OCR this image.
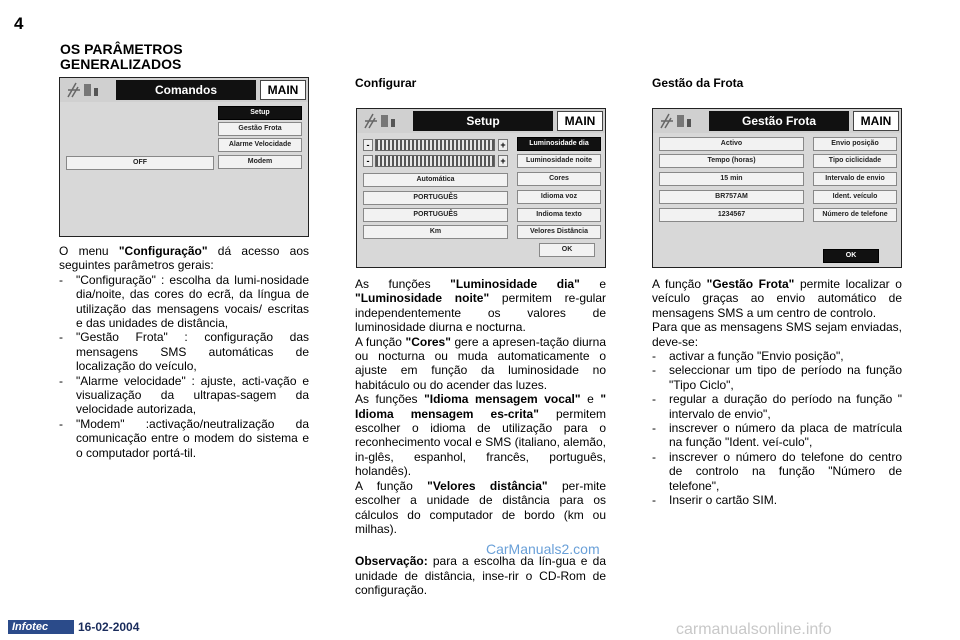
4
OS PARÂMETROS
GENERALIZADOS
Configurar	Gestão da Frota
Comandos	MAIN
Setup
Gestão Frota
Alarme Velocidade
Modem
OFF
Setup	MAIN
-	+
-	+
Automática
PORTUGUÊS
PORTUGUÊS
Km
Luminosidade dia
Luminosidade noite
Cores
Idioma voz
Indioma texto
Velores Distância
OK
Gestão Frota	MAIN
Activo
Tempo (horas)
15 min
BR757AM
1234567
Envio posição
Tipo ciclicidade
Intervalo de envio
Ident. veículo
Número de telefone
OK

O menu "Configuração" dá acesso aos seguintes parâmetros gerais:

-	"Configuração" : escolha da lumi-nosidade dia/noite, das cores do ecrã, da língua de utilização das mensagens vocais/ escritas e das unidades de distância,
-	"Gestão Frota" : configuração das mensagens SMS automáticas de localização do veículo,
-	"Alarme velocidade" : ajuste, acti-vação e visualização da ultrapas-sagem da velocidade autorizada,
-	"Modem" :activação/neutralização da comunicação entre o modem do sistema e o computador portá-til.

As funções "Luminosidade dia" e "Luminosidade noite" permitem re-gular independentemente os valores de luminosidade diurna e nocturna.

A função "Cores" gere a apresen-tação diurna ou nocturna ou muda automaticamente o ajuste em função da luminosidade no habitáculo ou do acender das luzes.

As funções "Idioma mensagem vocal" e " Idioma mensagem es-crita" permitem escolher o idioma de utilização para o reconhecimento vocal e SMS (italiano, alemão, in-glês, espanhol, francês, português, holandês).

A função "Velores distância" per-mite escolher a unidade de distância para os cálculos do computador de bordo (km ou milhas).

Observação: para a escolha da lín-gua e da unidade de distância, inse-rir o CD-Rom de configuração.

A função "Gestão Frota" permite localizar o veículo graças ao envio automático de mensagens SMS a um centro de controlo.

Para que as mensagens SMS sejam enviadas, deve-se:

-	activar a função "Envio posição",
-	seleccionar um tipo de período na função "Tipo Ciclo",
-	regular a duração do período na função " intervalo de envio",
-	inscrever o número da placa de matrícula na função "Ident. veí-culo",
-	inscrever o número do telefone do centro de controlo na função "Número de telefone",
-	Inserir o cartão SIM.
CarManuals2.com
Infotec	16-02-2004	carmanualsonline.info
